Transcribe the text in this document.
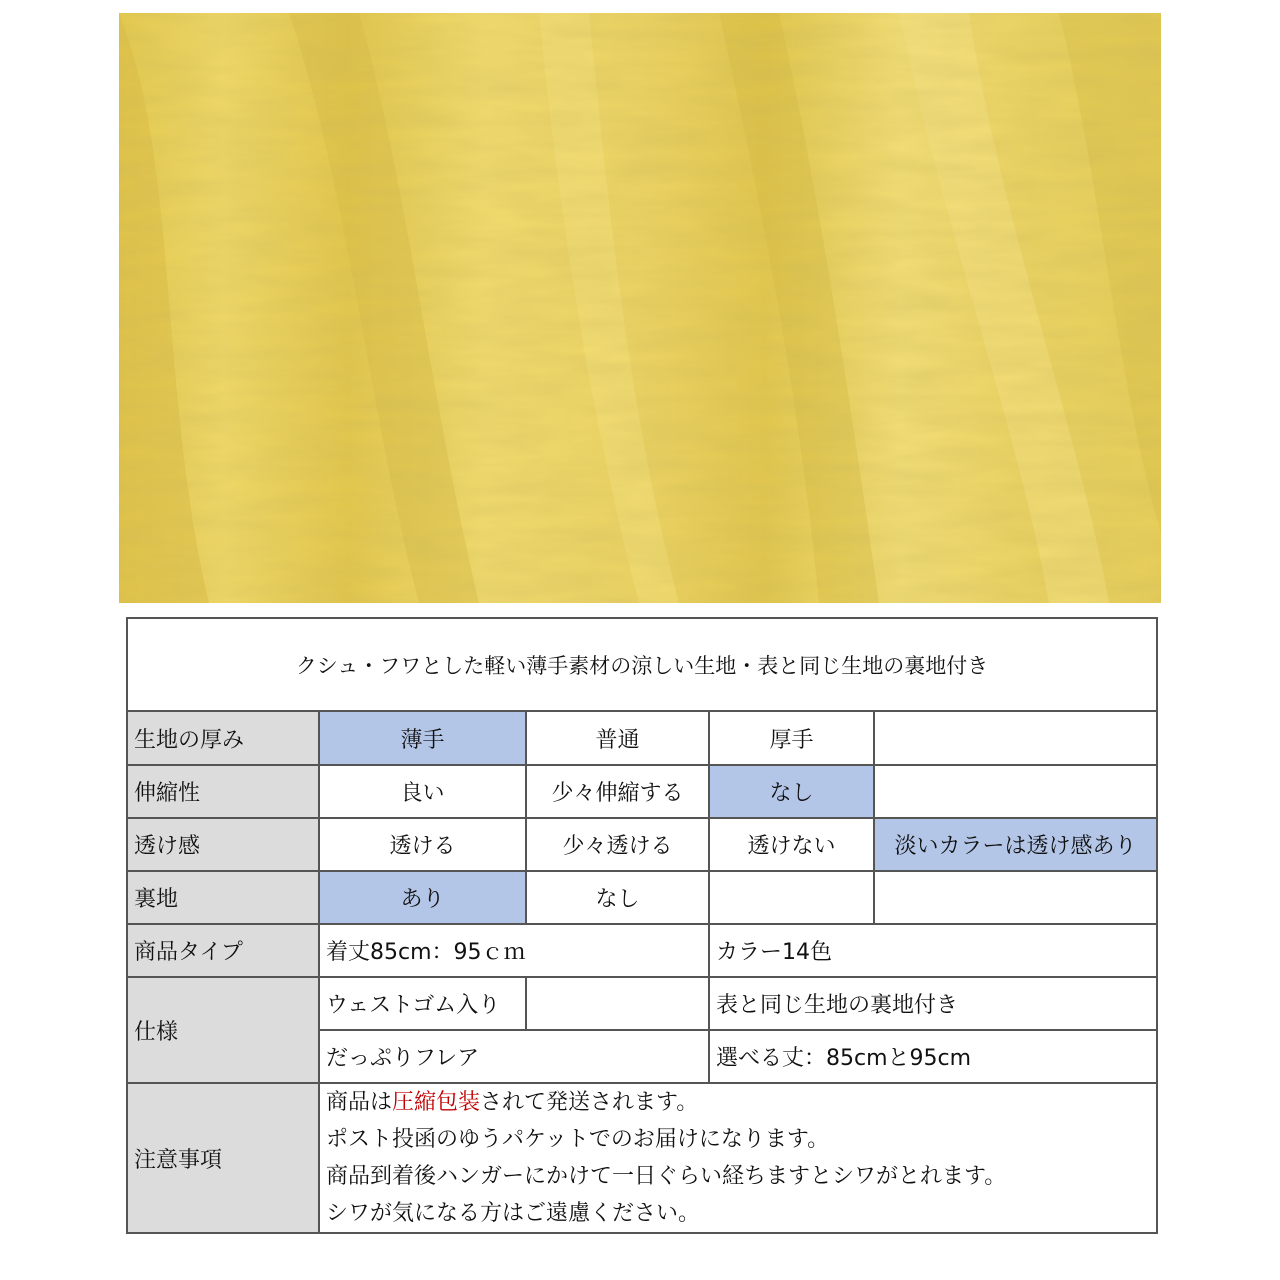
クシュ・フワとした軽い薄手素材の涼しい生地・表と同じ生地の裏地付き				
生地の厚み	薄手	普通	厚手	
伸縮性	良い	少々伸縮する	なし	
透け感	透ける	少々透ける	透けない	淡いカラーは透け感あり
裏地	あり	なし		
商品タイプ	着丈85cm：95ｃｍ		カラー14色	
仕様	ウェストゴム入り		表と同じ生地の裏地付き	
	だっぷりフレア		選べる丈：85cmと95cm	
注意事項	商品は圧縮包装されて発送されます。
ポスト投函のゆうパケットでのお届けになります。
商品到着後ハンガーにかけて一日ぐらい経ちますとシワがとれます。
シワが気になる方はご遠慮ください。			
